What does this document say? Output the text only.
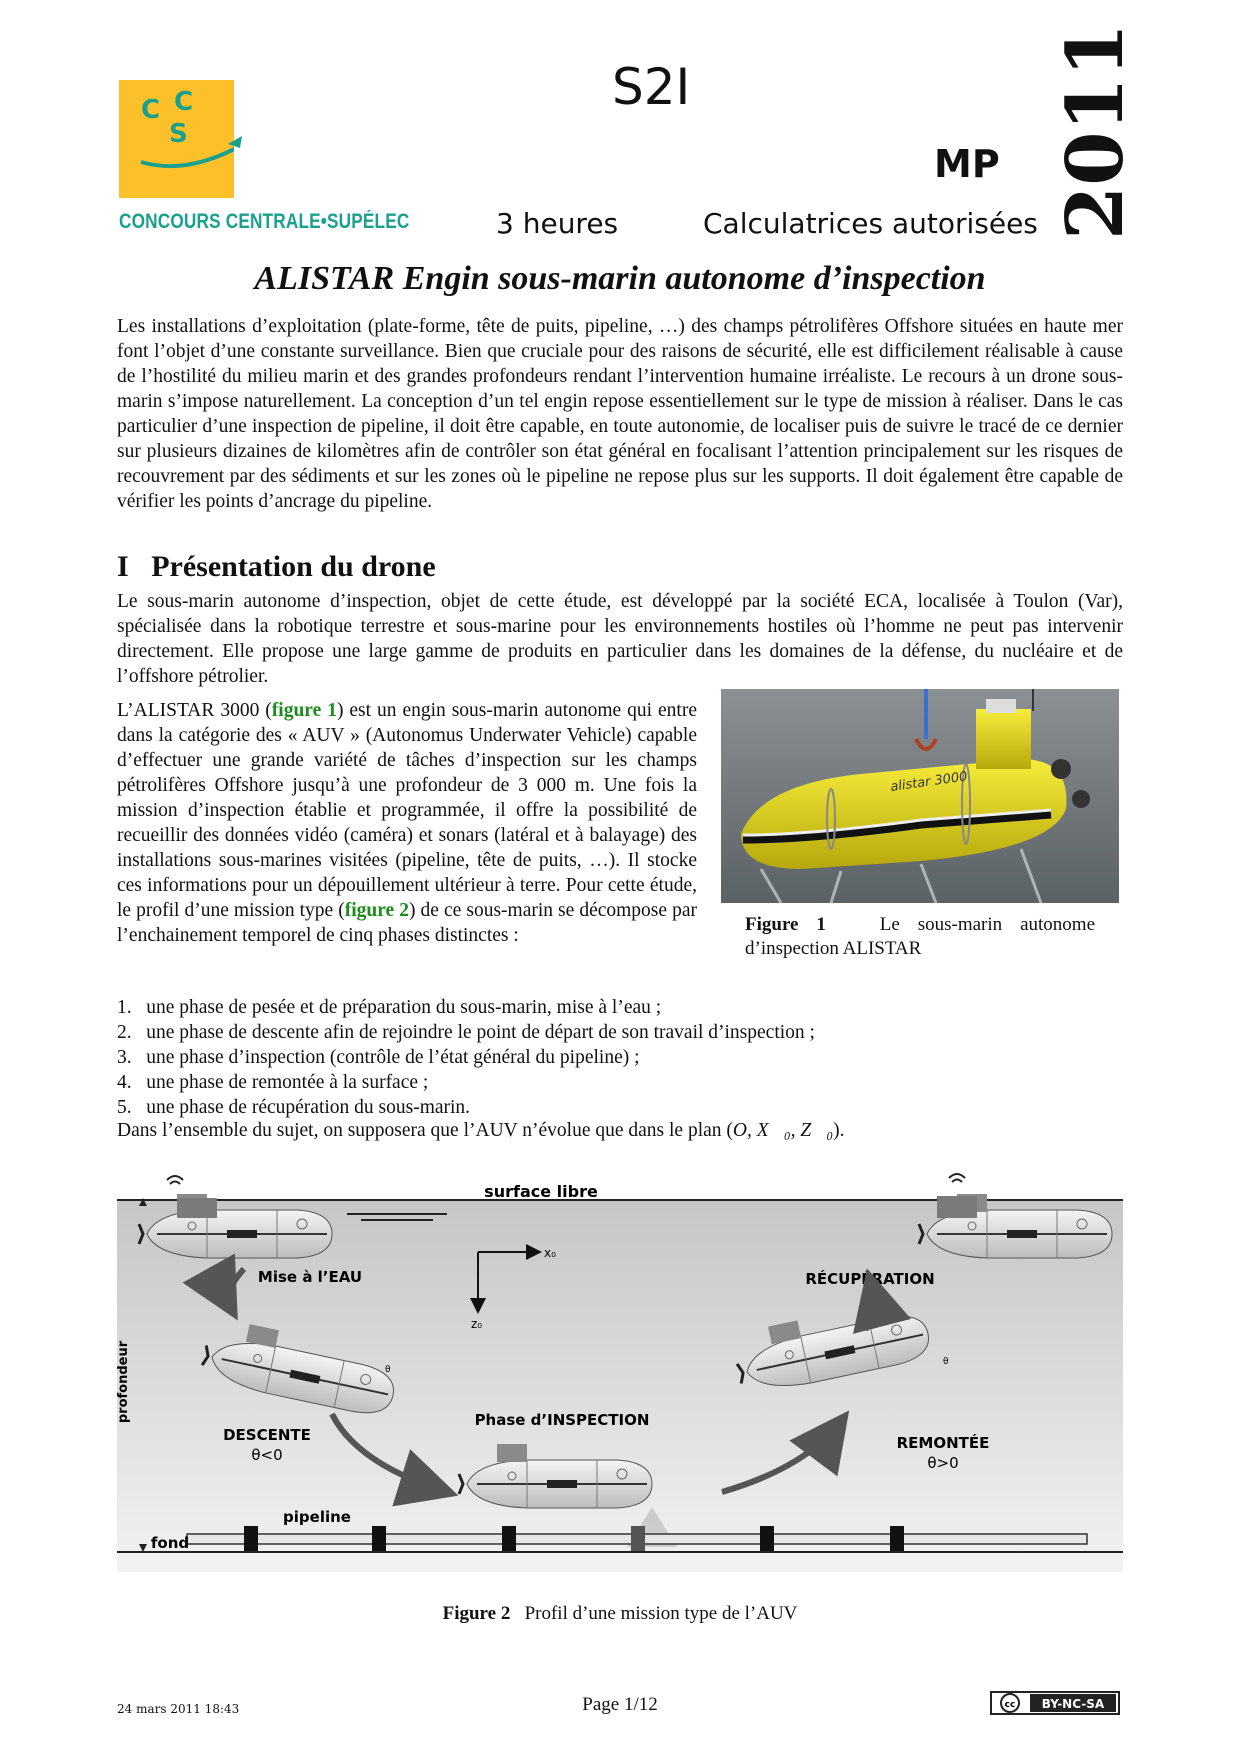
C C
S
CONCOURS CENTRALE•SUPÉLEC
S2I
MP 2011
3 heures	Calculatrices autorisées
ALISTAR Engin sous-marin autonome d’inspection
Les installations d’exploitation (plate-forme, tête de puits, pipeline, …) des champs pétrolifères Offshore situées en haute mer font l’objet d’une constante surveillance. Bien que cruciale pour des raisons de sécurité, elle est difficilement réalisable à cause de l’hostilité du milieu marin et des grandes profondeurs rendant l’intervention humaine irréaliste. Le recours à un drone sous-marin s’impose naturellement. La conception d’un tel engin repose essentiellement sur le type de mission à réaliser. Dans le cas particulier d’une inspection de pipeline, il doit être capable, en toute autonomie, de localiser puis de suivre le tracé de ce dernier sur plusieurs dizaines de kilomètres afin de contrôler son état général en focalisant l’attention principalement sur les risques de recouvrement par des sédiments et sur les zones où le pipeline ne repose plus sur les supports. Il doit également être capable de vérifier les points d’ancrage du pipeline.
I Présentation du drone
Le sous-marin autonome d’inspection, objet de cette étude, est développé par la société ECA, localisée à Toulon (Var), spécialisée dans la robotique terrestre et sous-marine pour les environnements hostiles où l’homme ne peut pas intervenir directement. Elle propose une large gamme de produits en particulier dans les domaines de la défense, du nucléaire et de l’offshore pétrolier.
L’ALISTAR 3000 (figure 1) est un engin sous-marin autonome qui entre dans la catégorie des « AUV » (Autonomus Underwater Vehicle) capable d’effectuer une grande variété de tâches d’inspection sur les champs pétrolifères Offshore jusqu’à une profondeur de 3 000 m. Une fois la mission d’inspection établie et programmée, il offre la possibilité de recueillir des données vidéo (caméra) et sonars (latéral et à balayage) des installations sous-marines visitées (pipeline, tête de puits, …). Il stocke ces informations pour un dépouillement ultérieur à terre. Pour cette étude, le profil d’une mission type (figure 2) de ce sous-marin se décompose par l’enchainement temporel de cinq phases distinctes :
alistar 3000
Figure 1	Le sous-marin autonome d’inspection ALISTAR
1. une phase de pesée et de préparation du sous-marin, mise à l’eau ;
2. une phase de descente afin de rejoindre le point de départ de son travail d’inspection ;
3. une phase d’inspection (contrôle de l’état général du pipeline) ;
4. une phase de remontée à la surface ;
5. une phase de récupération du sous-marin.
Dans l’ensemble du sujet, on supposera que l’AUV n’évolue que dans le plan (O, X⃗₀, Z⃗₀).
surface libre
Mise à l’EAU	RÉCUPÉRATION
x₀
z₀
profondeur	θ
DESCENTE
θ<0
Phase d’INSPECTION
θ
REMONTÉE
θ>0
pipeline
fond
Figure 2 Profil d’une mission type de l’AUV
24 mars 2011 18:43	Page 1/12	cc BY-NC-SA
